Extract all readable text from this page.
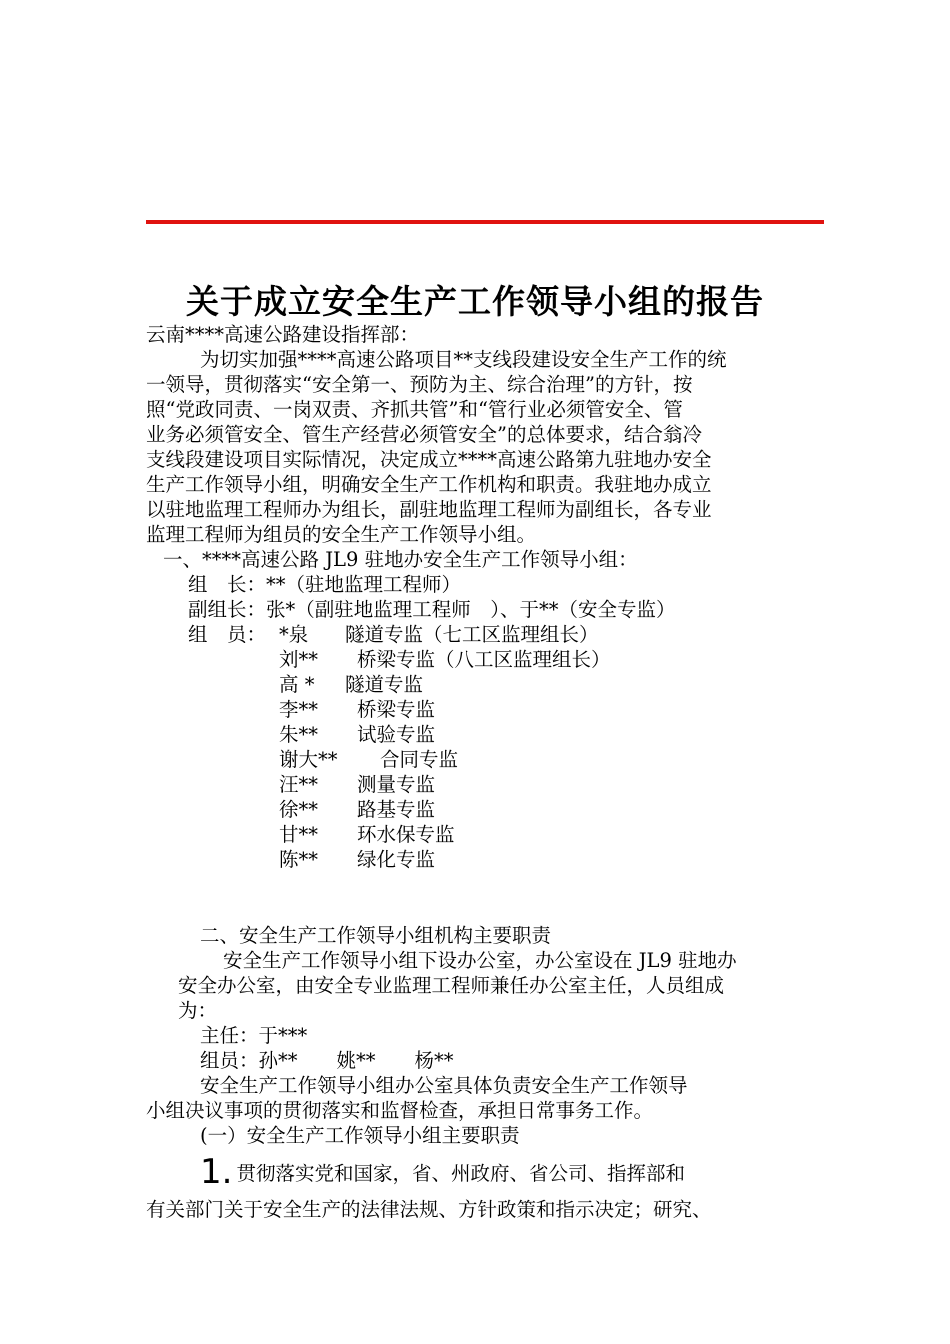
关于成立安全生产工作领导小组的报告
云南****高速公路建设指挥部：
为切实加强****高速公路项目**支线段建设安全生产工作的统
一领导，贯彻落实“安全第一、预防为主、综合治理”的方针，按
照“党政同责、一岗双责、齐抓共管”和“管行业必须管安全、管
业务必须管安全、管生产经营必须管安全”的总体要求，结合翁冷
支线段建设项目实际情况，决定成立****高速公路第九驻地办安全
生产工作领导小组，明确安全生产工作机构和职责。我驻地办成立
以驻地监理工程师办为组长，副驻地监理工程师为副组长，各专业
监理工程师为组员的安全生产工作领导小组。
一、****高速公路 JL9 驻地办安全生产工作领导小组：
组　长：**（驻地监理工程师）
副组长：张*（副驻地监理工程师　）、于**（安全专监）
组　员： *泉 隧道专监（七工区监理组长）
刘** 桥梁专监（八工区监理组长）
高 * 隧道专监
李** 桥梁专监
朱** 试验专监
谢大** 合同专监
汪** 测量专监
徐** 路基专监
甘** 环水保专监
陈** 绿化专监
二、安全生产工作领导小组机构主要职责
安全生产工作领导小组下设办公室，办公室设在 JL9 驻地办
安全办公室，由安全专业监理工程师兼任办公室主任，人员组成
为：
主任：于***
组员：孙**　　姚**　　杨**
安全生产工作领导小组办公室具体负责安全生产工作领导
小组决议事项的贯彻落实和监督检查，承担日常事务工作。
(一）安全生产工作领导小组主要职责
1. 贯彻落实党和国家，省、州政府、省公司、指挥部和
有关部门关于安全生产的法律法规、方针政策和指示决定；研究、
